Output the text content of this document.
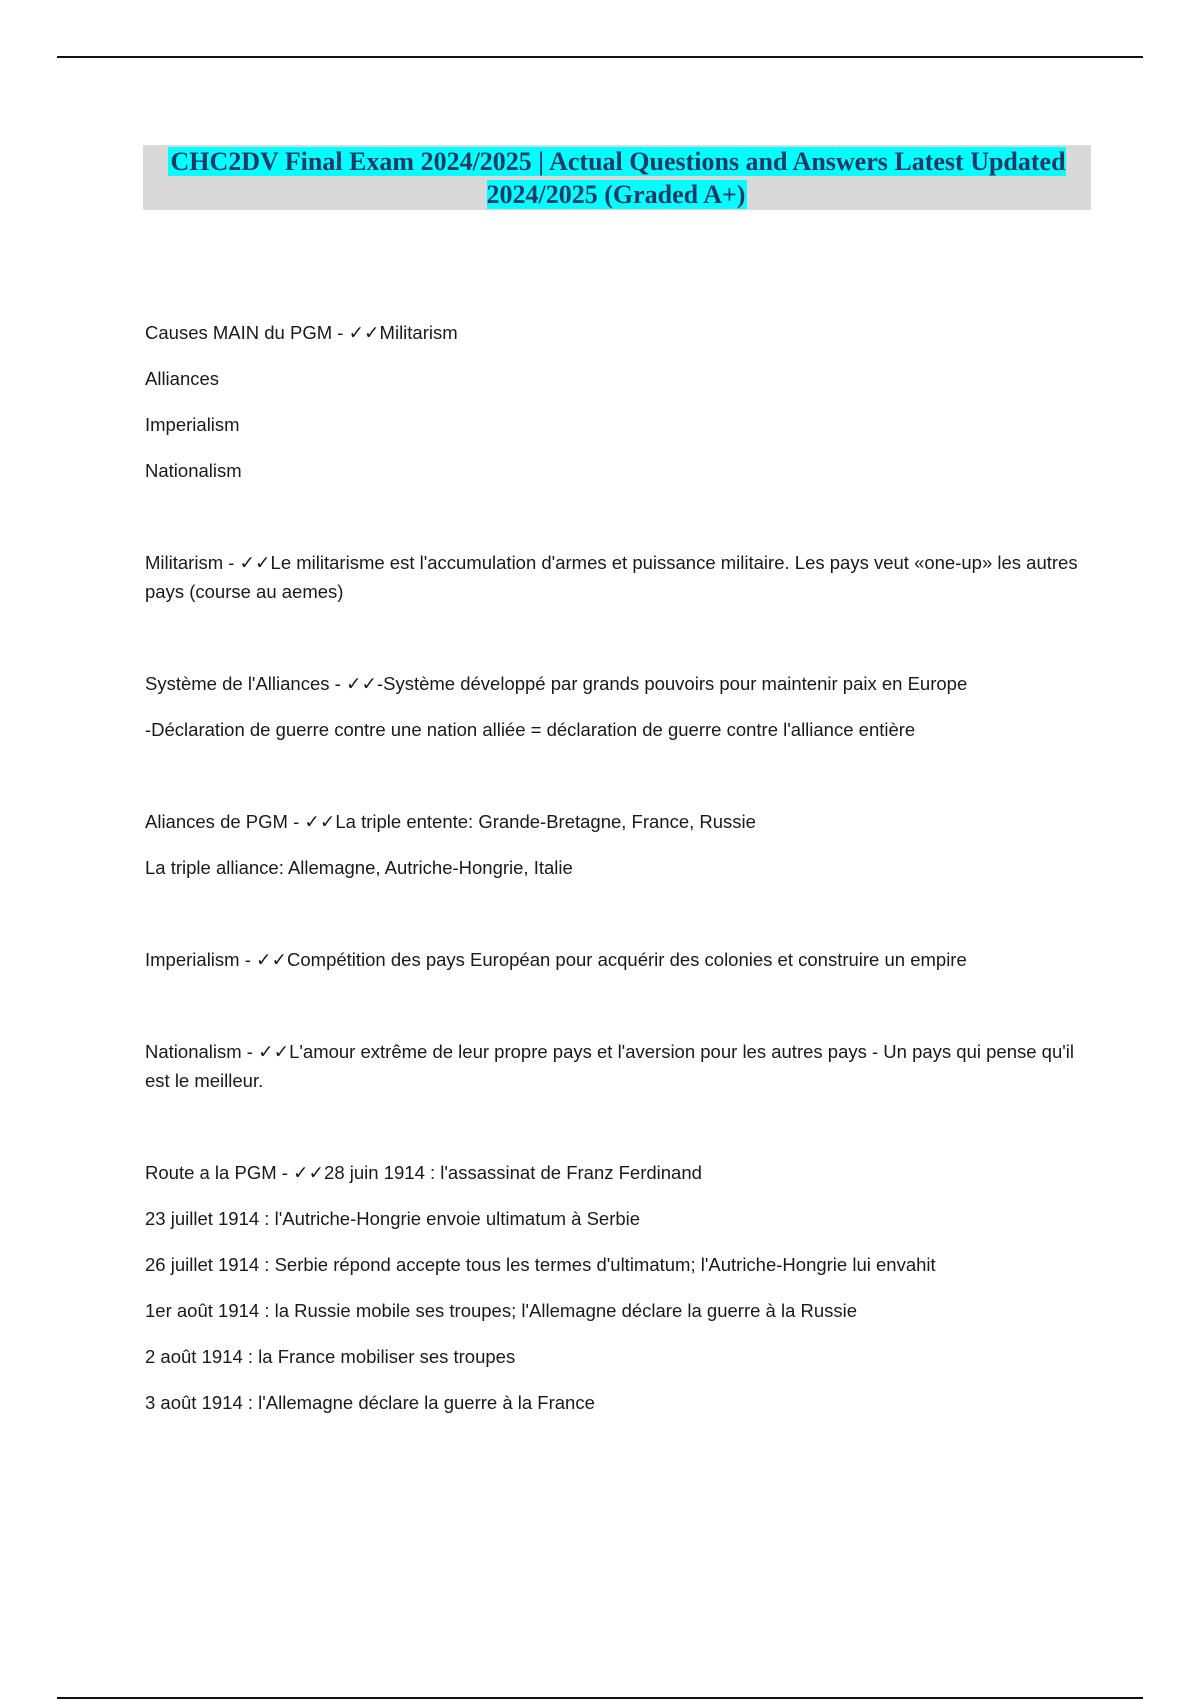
CHC2DV Final Exam 2024/2025 | Actual Questions and Answers Latest Updated 2024/2025 (Graded A+)

Causes MAIN du PGM - ✓✓Militarism

Alliances

Imperialism

Nationalism

Militarism - ✓✓Le militarisme est l'accumulation d'armes et puissance militaire. Les pays veut «one-up» les autres pays (course au aemes)

Système de l'Alliances - ✓✓-Système développé par grands pouvoirs pour maintenir paix en Europe

-Déclaration de guerre contre une nation alliée = déclaration de guerre contre l'alliance entière

Aliances de PGM - ✓✓La triple entente: Grande-Bretagne, France, Russie

La triple alliance: Allemagne, Autriche-Hongrie, Italie

Imperialism - ✓✓Compétition des pays Européan pour acquérir des colonies et construire un empire

Nationalism - ✓✓L'amour extrême de leur propre pays et l'aversion pour les autres pays - Un pays qui pense qu'il est le meilleur.

Route a la PGM - ✓✓28 juin 1914 : l'assassinat de Franz Ferdinand

23 juillet 1914 : l'Autriche-Hongrie envoie ultimatum à Serbie

26 juillet 1914 : Serbie répond accepte tous les termes d'ultimatum; l'Autriche-Hongrie lui envahit

1er août 1914 : la Russie mobile ses troupes; l'Allemagne déclare la guerre à la Russie

2 août 1914 : la France mobiliser ses troupes

3 août 1914 : l'Allemagne déclare la guerre à la France
